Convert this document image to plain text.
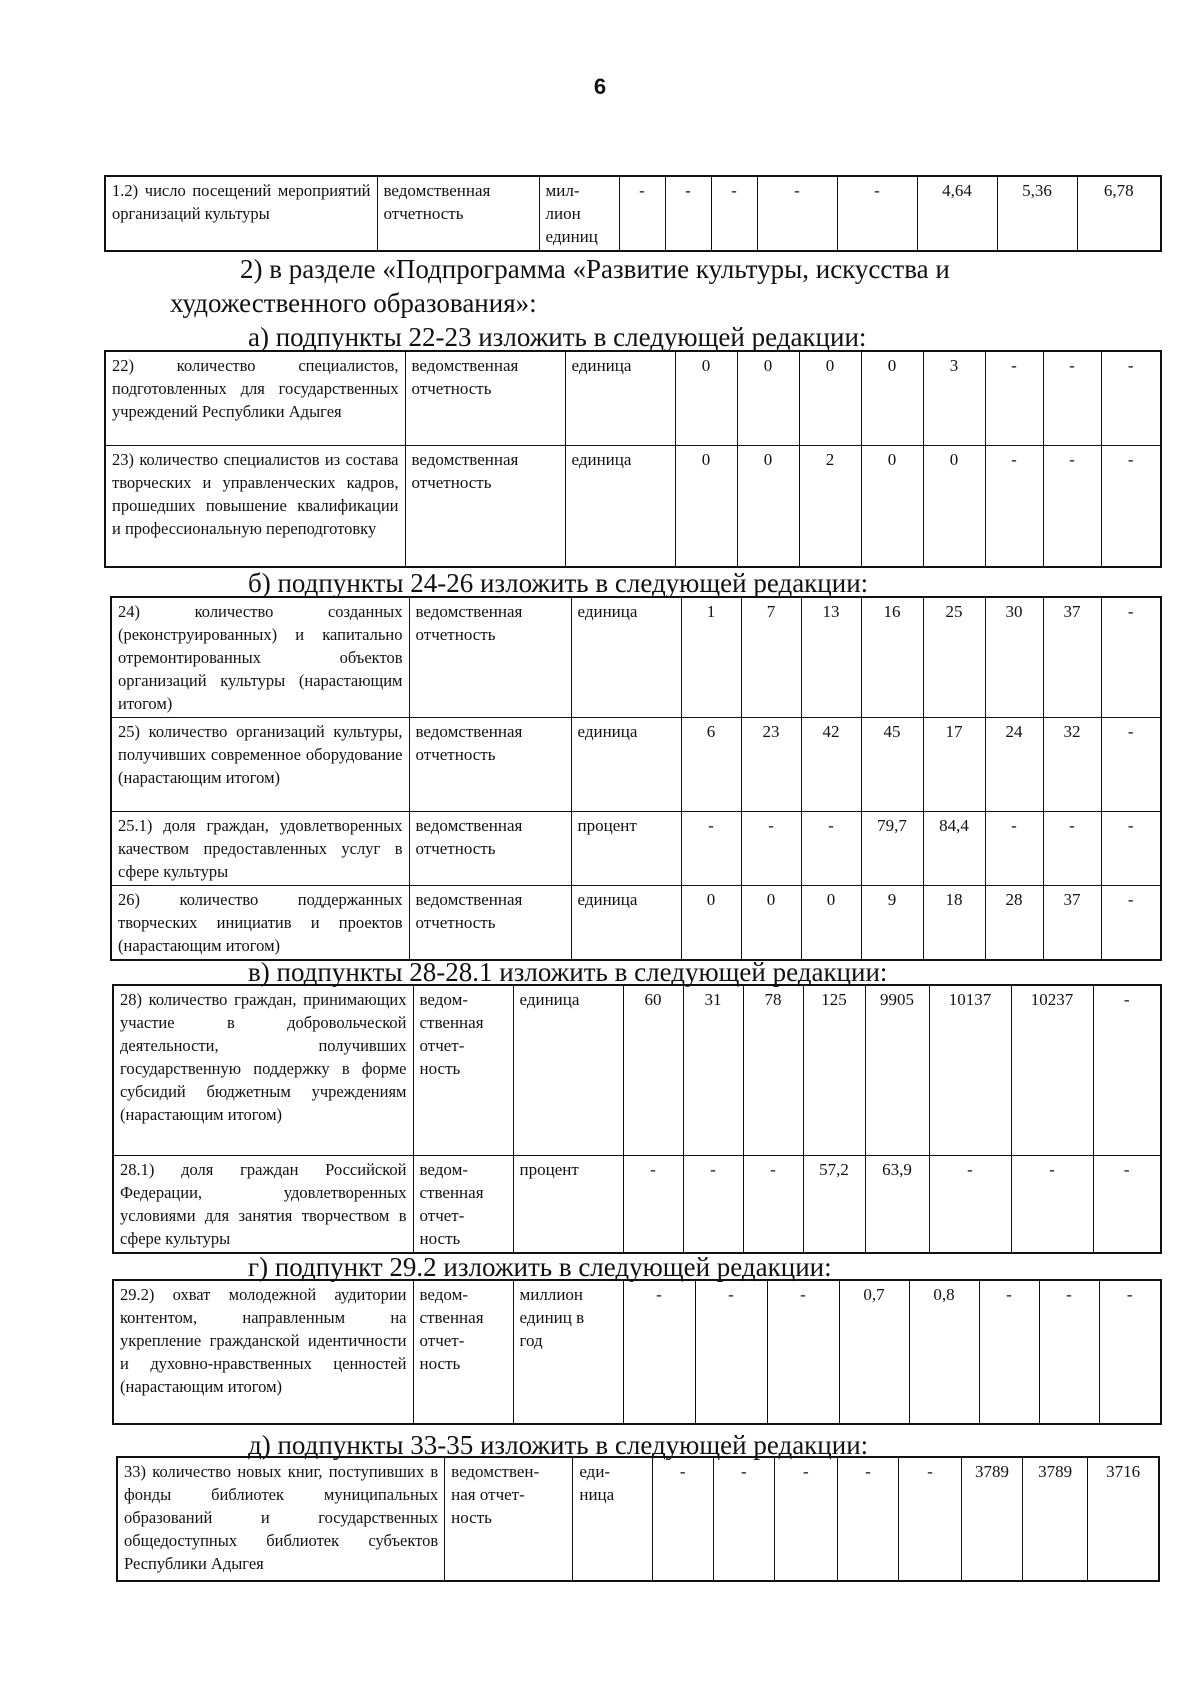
6
1.2) число посещений мероприятий организаций культуры	ведомственная
отчетность	мил-
лион
единиц	-	-	-	-	-	4,64	5,36	6,78
2) в разделе «Подпрограмма «Развитие культуры, искусства и художественного образования»:
а) подпункты 22-23 изложить в следующей редакции:
22) количество специалистов, подготовленных для государственных учреждений Республики Адыгея	ведомственная
отчетность	единица	0	0	0	0	3	-	-	-
23) количество специалистов из состава творческих и управленческих кадров, прошедших повышение квалификации и профессиональную переподготовку	ведомственная
отчетность	единица	0	0	2	0	0	-	-	-
б) подпункты 24-26 изложить в следующей редакции:
24) количество созданных (реконструированных) и капитально отремонтированных объектов организаций культуры (нарастающим итогом)	ведомственная
отчетность	единица	1	7	13	16	25	30	37	-
25) количество организаций культуры, получивших современное оборудование (нарастающим итогом)	ведомственная
отчетность	единица	6	23	42	45	17	24	32	-
25.1) доля граждан, удовлетворенных качеством предоставленных услуг в сфере культуры	ведомственная
отчетность	процент	-	-	-	79,7	84,4	-	-	-
26) количество поддержанных творческих инициатив и проектов (нарастающим итогом)	ведомственная
отчетность	единица	0	0	0	9	18	28	37	-
в) подпункты 28-28.1 изложить в следующей редакции:
28) количество граждан, принимающих участие в добровольческой деятельности, получивших государственную поддержку в форме субсидий бюджетным учреждениям (нарастающим итогом)	ведом-
ственная
отчет-
ность	единица	60	31	78	125	9905	10137	10237	-
28.1) доля граждан Российской Федерации, удовлетворенных условиями для занятия творчеством в сфере культуры	ведом-
ственная
отчет-
ность	процент	-	-	-	57,2	63,9	-	-	-
г) подпункт 29.2 изложить в следующей редакции:
29.2) охват молодежной аудитории контентом, направленным на укрепление гражданской идентичности и духовно-нравственных ценностей (нарастающим итогом)	ведом-
ственная
отчет-
ность	миллион
единиц в
год	-	-	-	0,7	0,8	-	-	-
д) подпункты 33-35 изложить в следующей редакции:
33) количество новых книг, поступивших в фонды библиотек муниципальных образований и государственных общедоступных библиотек субъектов Республики Адыгея	ведомствен-
ная отчет-
ность	еди-
ница	-	-	-	-	-	3789	3789	3716
